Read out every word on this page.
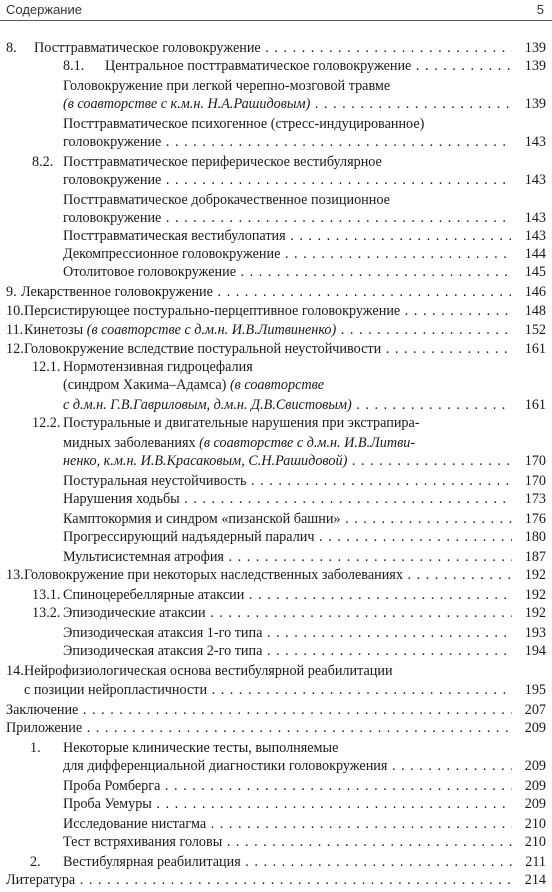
Содержание	5
8. Посттравматическое головокружение . . .	139
8.1. Центральное посттравматическое головокружение . . .	139
Головокружение при легкой черепно-мозговой травме
(в соавторстве с к.м.н. Н.А.Рашидовым) . . .	139
Посттравматическое психогенное (стресс-индуцированное)
головокружение . . .	143
8.2. Посттравматическое периферическое вестибулярное
головокружение . . .	143
Посттравматическое доброкачественное позиционное
головокружение . . .	143
Посттравматическая вестибулопатия . . .	143
Декомпрессионное головокружение . . .	144
Отолитовое головокружение . . .	145
9. Лекарственное головокружение . . .	146
10. Персистирующее постурально-перцептивное головокружение . . .	148
11. Кинетозы (в соавторстве с д.м.н. И.В.Литвиненко) . . .	152
12. Головокружение вследствие постуральной неустойчивости . . .	161
12.1. Нормотензивная гидроцефалия
(синдром Хакима–Адамса) (в соавторстве
с д.м.н. Г.В.Гавриловым, д.м.н. Д.В.Свистовым) . . .	161
12.2. Постуральные и двигательные нарушения при экстрапира-
мидных заболеваниях (в соавторстве с д.м.н. И.В.Литви-
ненко, к.м.н. И.В.Красаковым, С.Н.Рашидовой) . . .	170
Постуральная неустойчивость . . .	170
Нарушения ходьбы . . .	173
Камптокормия и синдром «пизанской башни» . . .	176
Прогрессирующий надъядерный паралич . . .	180
Мультисистемная атрофия . . .	187
13. Головокружение при некоторых наследственных заболеваниях . . .	192
13.1. Спиноцеребеллярные атаксии . . .	192
13.2. Эпизодические атаксии . . .	192
Эпизодическая атаксия 1-го типа . . .	193
Эпизодическая атаксия 2-го типа . . .	194
14. Нейрофизиологическая основа вестибулярной реабилитации
с позиции нейропластичности . . .	195
Заключение . . .	207
Приложение . . .	209
1. Некоторые клинические тесты, выполняемые
для дифференциальной диагностики головокружения . . .	209
Проба Ромберга . . .	209
Проба Уемуры . . .	209
Исследование нистагма . . .	210
Тест встряхивания головы . . .	210
2. Вестибулярная реабилитация . . .	211
Литература . . .	214
